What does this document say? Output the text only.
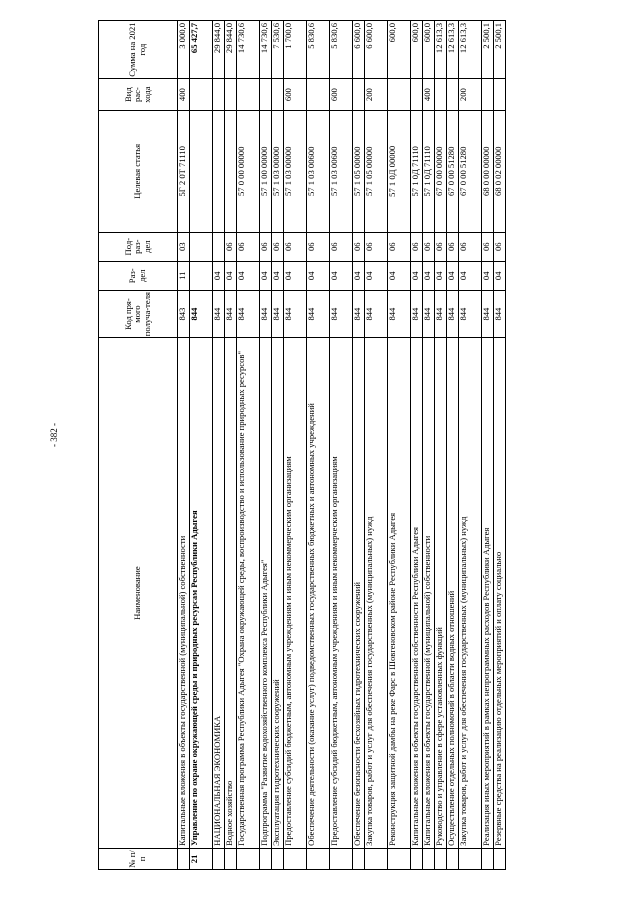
- 382 -
№ п/п	Наименование	Код пря-мого получа-теля	Раз-дел	Под-раз-дел	Целевая статья	Вид рас-хода	Сумма на 2021 год
	Капитальные вложения в объекты государственной (муниципальной) собственности	843	11	03	5Г 2 0Т 71110	400	3 000,0
21	Управление по охране окружающей среды и природных ресурсам Республики Адыгея	844					65 427,7
	НАЦИОНАЛЬНАЯ ЭКОНОМИКА	844	04				29 844,0
	Водное хозяйство	844	04	06			29 844,0
	Государственная программа Республики Адыгея "Охрана окружающей среды, воспроизводство и использование природных ресурсов"	844	04	06	57 0 00 00000		14 730,6
	Подпрограмма "Развитие водохозяйственного комплекса Республики Адыгея"	844	04	06	57 1 00 00000		14 730,6
	Эксплуатация гидротехнических сооружений	844	04	06	57 1 03 00000		7 530,6
	Предоставление субсидий бюджетным, автономным учреждениям и иным некоммерческим организациям	844	04	06	57 1 03 00000	600	1 700,0
	Обеспечение деятельности (оказание услуг) подведомственных государственных бюджетных и автономных учреждений	844	04	06	57 1 03 00600		5 830,6
	Предоставление субсидий бюджетным, автономным учреждениям и иным некоммерческим организациям	844	04	06	57 1 03 00600	600	5 830,6
	Обеспечение безопасности бесхозяйных гидротехнических сооружений	844	04	06	57 1 05 00000		6 600,0
	Закупка товаров, работ и услуг для обеспечения государственных (муниципальных) нужд	844	04	06	57 1 05 00000	200	6 600,0
	Реконструкция защитной дамбы на реке Фарс в Шовгеновском районе Республики Адыгея	844	04	06	57 1 0Д 00000		600,0
	Капитальные вложения в объекты государственной собственности Республики Адыгея	844	04	06	57 1 0Д 71110		600,0
	Капитальные вложения в объекты государственной (муниципальной) собственности	844	04	06	57 1 0Д 71110	400	600,0
	Руководство и управление в сфере установленных функций	844	04	06	67 0 00 00000		12 613,3
	Осуществление отдельных полномочий в области водных отношений	844	04	06	67 0 00 51280		12 613,3
	Закупка товаров, работ и услуг для обеспечения государственных (муниципальных) нужд	844	04	06	67 0 00 51280	200	12 613,3
	Реализация иных мероприятий в рамках непрограммных расходов Республики Адыгея	844	04	06	68 0 00 00000		2 500,1
	Резервные средства на реализацию отдельных мероприятий и оплату социально	844	04	06	68 0 02 00000		2 500,1
